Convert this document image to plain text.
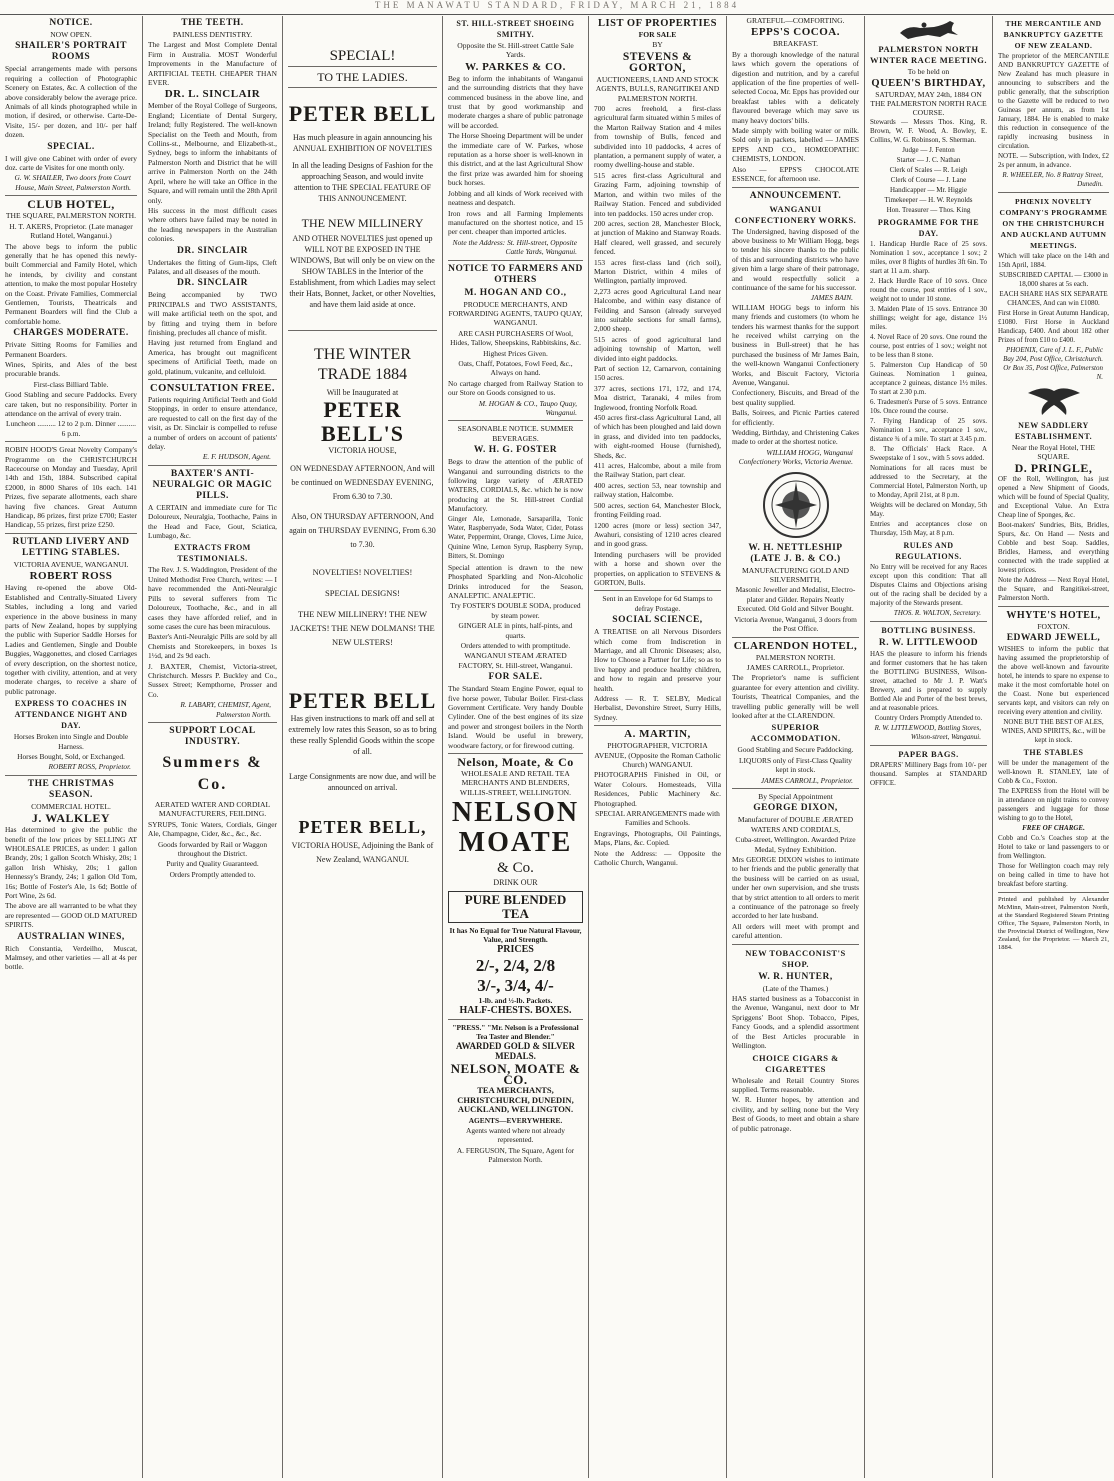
THE MANAWATU STANDARD, FRIDAY, MARCH 21, 1884
NOTICE.
NOW OPEN.
SHAILER'S PORTRAIT ROOMS
Special arrangements made with persons requiring a collection of Photographic Scenery on Estates, &c. A collection of the above considerably below the average price. Animals of all kinds photographed while in motion, if desired, or otherwise. Carte-De-Visite, 15/- per dozen, and 10/- per half dozen.
SPECIAL.
I will give one Cabinet with order of every doz. carte de Visites for one month only.
G. W. SHAILER, Two doors from Court House, Main Street, Palmerston North.
CLUB HOTEL,
THE SQUARE, PALMERSTON NORTH.
H. T. AKERS, Proprietor. (Late manager Rutland Hotel, Wanganui.)
The above begs to inform the public generally that he has opened this newly-built Commercial and Family Hotel, which he intends, by civility and constant attention, to make the most popular Hostelry on the Coast. Private Families, Commercial Gentlemen, Tourists, Theatricals and Permanent Boarders will find the Club a comfortable home.
CHARGES MODERATE.
Private Sitting Rooms for Families and Permanent Boarders.
Wines, Spirits, and Ales of the best procurable brands.
First-class Billiard Table.
Good Stabling and secure Paddocks. Every care taken, but no responsibility. Porter in attendance on the arrival of every train.
Luncheon .......... 12 to 2 p.m. Dinner .......... 6 p.m.
ROBIN HOOD'S Great Novelty Company's Programme on the CHRISTCHURCH Racecourse on Monday and Tuesday, April 14th and 15th, 1884. Subscribed capital £2000, in 8000 Shares of 10s each. 141 Prizes, five separate allotments, each share having five chances. Great Autumn Handicap, 86 prizes, first prize £700; Easter Handicap, 55 prizes, first prize £250.
RUTLAND LIVERY AND LETTING STABLES.
VICTORIA AVENUE, WANGANUI.
ROBERT ROSS
Having re-opened the above Old-Established and Centrally-Situated Livery Stables, including a long and varied experience in the above business in many parts of New Zealand, hopes by supplying the public with Superior Saddle Horses for Ladies and Gentlemen, Single and Double Buggies, Waggonettes, and closed Carriages of every description, on the shortest notice, together with civility, attention, and at very moderate charges, to receive a share of public patronage.
EXPRESS TO COACHES IN ATTENDANCE NIGHT AND DAY.
Horses Broken into Single and Double Harness.
Horses Bought, Sold, or Exchanged.
ROBERT ROSS, Proprietor.
THE CHRISTMAS SEASON.
COMMERCIAL HOTEL.
J. WALKLEY
Has determined to give the public the benefit of the low prices by SELLING AT WHOLESALE PRICES, as under: 1 gallon Brandy, 20s; 1 gallon Scotch Whisky, 20s; 1 gallon Irish Whisky, 20s; 1 gallon Hennessy's Brandy, 24s; 1 gallon Old Tom, 16s; Bottle of Foster's Ale, 1s 6d; Bottle of Port Wine, 2s 6d.
The above are all warranted to be what they are represented — GOOD OLD MATURED SPIRITS.
AUSTRALIAN WINES,
Rich Constantia, Verdeilho, Muscat, Malmsey, and other varieties — all at 4s per bottle.
THE TEETH.
PAINLESS DENTISTRY.
The Largest and Most Complete Dental Firm in Australia. MOST Wonderful Improvements in the Manufacture of ARTIFICIAL TEETH. CHEAPER THAN EVER.
DR. L. SINCLAIR
Member of the Royal College of Surgeons, England; Licentiate of Dental Surgery, Ireland; fully Registered. The well-known Specialist on the Teeth and Mouth, from Collins-st., Melbourne, and Elizabeth-st., Sydney, begs to inform the inhabitants of Palmerston North and District that he will arrive in Palmerston North on the 24th April, where he will take an Office in the Square, and will remain until the 28th April only.
His success in the most difficult cases where others have failed may be noted in the leading newspapers in the Australian colonies.
DR. SINCLAIR
Undertakes the fitting of Gum-lips, Cleft Palates, and all diseases of the mouth.
DR. SINCLAIR
Being accompanied by TWO PRINCIPALS and TWO ASSISTANTS, will make artificial teeth on the spot, and by fitting and trying them in before finishing, precludes all chance of misfit.
Having just returned from England and America, has brought out magnificent specimens of Artificial Teeth, made on gold, platinum, vulcanite, and celluloid.
CONSULTATION FREE.
Patients requiring Artificial Teeth and Gold Stoppings, in order to ensure attendance, are requested to call on the first day of the visit, as Dr. Sinclair is compelled to refuse a number of orders on account of patients' delay.
E. F. HUDSON, Agent.
BAXTER'S ANTI-NEURALGIC OR MAGIC PILLS.
A CERTAIN and immediate cure for Tic Doloureux, Neuralgia, Toothache, Pains in the Head and Face, Gout, Sciatica, Lumbago, &c.
EXTRACTS FROM TESTIMONIALS.
The Rev. J. S. Waddington, President of the United Methodist Free Church, writes: — I have recommended the Anti-Neuralgic Pills to several sufferers from Tic Doloureux, Toothache, &c., and in all cases they have afforded relief, and in some cases the cure has been miraculous.
Baxter's Anti-Neuralgic Pills are sold by all Chemists and Storekeepers, in boxes 1s 1½d, and 2s 9d each.
J. BAXTER, Chemist, Victoria-street, Christchurch. Messrs P. Buckley and Co., Sussex Street; Kempthorne, Prosser and Co.
R. LABARY, CHEMIST, Agent, Palmerston North.
SUPPORT LOCAL INDUSTRY.
Summers & Co.
AERATED WATER AND CORDIAL MANUFACTURERS, FEILDING.
SYRUPS, Tonic Waters, Cordials, Ginger Ale, Champagne, Cider, &c., &c., &c.
Goods forwarded by Rail or Waggon throughout the District.
Purity and Quality Guaranteed.
Orders Promptly attended to.
SPECIAL!
TO THE LADIES.
PETER BELL
Has much pleasure in again announcing his ANNUAL EXHIBITION OF NOVELTIES
In all the leading Designs of Fashion for the approaching Season, and would invite attention to THE SPECIAL FEATURE OF THIS ANNOUNCEMENT.
THE NEW MILLINERY
AND OTHER NOVELTIES just opened up WILL NOT BE EXPOSED IN THE WINDOWS, But will only be on view on the SHOW TABLES in the Interior of the Establishment, from which Ladies may select their Hats, Bonnet, Jacket, or other Novelties, and have them laid aside at once.
THE WINTER TRADE 1884
Will be Inaugurated at
PETER BELL'S
VICTORIA HOUSE,
ON WEDNESDAY AFTERNOON, And will be continued on WEDNESDAY EVENING, From 6.30 to 7.30.
Also, ON THURSDAY AFTERNOON, And again on THURSDAY EVENING, From 6.30 to 7.30.
NOVELTIES! NOVELTIES!
SPECIAL DESIGNS!
THE NEW MILLINERY! THE NEW JACKETS! THE NEW DOLMANS! THE NEW ULSTERS!
PETER BELL
Has given instructions to mark off and sell at extremely low rates this Season, so as to bring these really Splendid Goods within the scope of all.
Large Consignments are now due, and will be announced on arrival.
PETER BELL,
VICTORIA HOUSE, Adjoining the Bank of New Zealand, WANGANUI.
ST. HILL-STREET SHOEING SMITHY.
Opposite the St. Hill-street Cattle Sale Yards.
W. PARKES & CO.
Beg to inform the inhabitants of Wanganui and the surrounding districts that they have commenced business in the above line, and trust that by good workmanship and moderate charges a share of public patronage will be accorded.
The Horse Shoeing Department will be under the immediate care of W. Parkes, whose reputation as a horse shoer is well-known in this district, and at the last Agricultural Show the first prize was awarded him for shoeing buck horses.
Jobbing and all kinds of Work received with neatness and despatch.
Iron rows and all Farming Implements manufactured on the shortest notice, and 15 per cent. cheaper than imported articles.
Note the Address: St. Hill-street, Opposite Cattle Yards, Wanganui.
NOTICE TO FARMERS AND OTHERS
M. HOGAN AND CO.,
PRODUCE MERCHANTS, AND FORWARDING AGENTS, TAUPO QUAY, WANGANUI.
ARE CASH PURCHASERS Of Wool, Hides, Tallow, Sheepskins, Rabbitskins, &c.
Highest Prices Given.
Oats, Chaff, Potatoes, Fowl Feed, &c., Always on hand.
No cartage charged from Railway Station to our Store on Goods consigned to us.
M. HOGAN & CO., Taupo Quay, Wanganui.
SEASONABLE NOTICE. SUMMER BEVERAGES.
W. H. G. FOSTER
Begs to draw the attention of the public of Wanganui and surrounding districts to the following large variety of ÆRATED WATERS, CORDIALS, &c. which he is now producing at the St. Hill-street Cordial Manufactory.
Ginger Ale, Lemonade, Sarsaparilla, Tonic Water, Raspberryade, Soda Water, Cider, Potass Water, Peppermint, Orange, Cloves, Lime Juice, Quinine Wine, Lemon Syrup, Raspberry Syrup, Bitters, St. Domingo
Special attention is drawn to the new Phosphated Sparkling and Non-Alcoholic Drinks introduced for the Season, ANALEPTIC. ANALEPTIC.
Try FOSTER'S DOUBLE SODA, produced by steam power.
GINGER ALE in pints, half-pints, and quarts.
Orders attended to with promptitude.
WANGANUI STEAM ÆRATED FACTORY, St. Hill-street, Wanganui.
FOR SALE.
The Standard Steam Engine Power, equal to five horse power, Tubular Boiler. First-class Government Certificate. Very handy Double Cylinder. One of the best engines of its size and power and strongest boilers in the North Island. Would be useful in brewery, woodware factory, or for firewood cutting.
Nelson, Moate, & Co
WHOLESALE AND RETAIL TEA MERCHANTS AND BLENDERS, WILLIS-STREET, WELLINGTON.
NELSON
MOATE
& Co.
DRINK OUR
PURE BLENDED TEA
It has No Equal for True Natural Flavour, Value, and Strength.
PRICES
2/-, 2/4, 2/8
3/-, 3/4, 4/-
1-lb. and ½-lb. Packets.
HALF-CHESTS. BOXES.
"PRESS." "Mr. Nelson is a Professional Tea Taster and Blender."
AWARDED GOLD & SILVER MEDALS.
NELSON, MOATE & CO.
TEA MERCHANTS, CHRISTCHURCH, DUNEDIN, AUCKLAND, WELLINGTON.
AGENTS—EVERYWHERE.
Agents wanted where not already represented.
A. FERGUSON, The Square, Agent for Palmerston North.
LIST OF PROPERTIES
FOR SALE
BY
STEVENS & GORTON,
AUCTIONEERS, LAND AND STOCK AGENTS, BULLS, RANGITIKEI AND PALMERSTON NORTH.
700 acres freehold, a first-class agricultural farm situated within 5 miles of the Marton Railway Station and 4 miles from township of Bulls, fenced and subdivided into 10 paddocks, 4 acres of plantation, a permanent supply of water, a roomy dwelling-house and stable.
515 acres first-class Agricultural and Grazing Farm, adjoining township of Marton, and within two miles of the Railway Station. Fenced and subdivided into ten paddocks. 150 acres under crop.
200 acres, section 28, Manchester Block, at junction of Makino and Stanway Roads. Half cleared, well grassed, and securely fenced.
153 acres first-class land (rich soil), Marton District, within 4 miles of Wellington, partially improved.
2,273 acres good Agricultural Land near Halcombe, and within easy distance of Feilding and Sanson (already surveyed into suitable sections for small farms), 2,000 sheep.
515 acres of good agricultural land adjoining township of Marton, well divided into eight paddocks.
Part of section 12, Carnarvon, containing 150 acres.
377 acres, sections 171, 172, and 174, Moa district, Taranaki, 4 miles from Inglewood, fronting Norfolk Road.
450 acres first-class Agricultural Land, all of which has been ploughed and laid down in grass, and divided into ten paddocks, with eight-roomed House (furnished), Sheds, &c.
411 acres, Halcombe, about a mile from the Railway Station, part clear.
400 acres, section 53, near township and railway station, Halcombe.
500 acres, section 64, Manchester Block, fronting Feilding road.
1200 acres (more or less) section 347, Awahuri, consisting of 1210 acres cleared and in good grass.
Intending purchasers will be provided with a horse and shown over the properties, on application to STEVENS & GORTON, Bulls.
Sent in an Envelope for 6d Stamps to defray Postage.
SOCIAL SCIENCE,
A TREATISE on all Nervous Disorders which come from Indiscretion in Marriage, and all Chronic Diseases; also, How to Choose a Partner for Life; so as to live happy and produce healthy children, and how to regain and preserve your health.
Address — R. T. SELBY, Medical Herbalist, Devonshire Street, Surry Hills, Sydney.
A. MARTIN,
PHOTOGRAPHER, VICTORIA AVENUE, (Opposite the Roman Catholic Church) WANGANUI.
PHOTOGRAPHS Finished in Oil, or Water Colours. Homesteads, Villa Residences, Public Machinery &c. Photographed.
SPECIAL ARRANGEMENTS made with Families and Schools.
Engravings, Photographs, Oil Paintings, Maps, Plans, &c. Copied.
Note the Address: — Opposite the Catholic Church, Wanganui.
GRATEFUL—COMFORTING.
EPPS'S COCOA.
BREAKFAST.
By a thorough knowledge of the natural laws which govern the operations of digestion and nutrition, and by a careful application of the fine properties of well-selected Cocoa, Mr. Epps has provided our breakfast tables with a delicately flavoured beverage which may save us many heavy doctors' bills.
Made simply with boiling water or milk. Sold only in packets, labelled — JAMES EPPS AND CO., HOMŒOPATHIC CHEMISTS, LONDON.
Also — EPPS'S CHOCOLATE ESSENCE, for afternoon use.
ANNOUNCEMENT.
WANGANUI CONFECTIONERY WORKS.
The Undersigned, having disposed of the above business to Mr William Hogg, begs to tender his sincere thanks to the public of this and surrounding districts who have given him a large share of their patronage, and would respectfully solicit a continuance of the same for his successor.
JAMES BAIN.
WILLIAM HOGG begs to inform his many friends and customers (to whom he tenders his warmest thanks for the support he received whilst carrying on the business in Bull-street) that he has purchased the business of Mr James Bain, the well-known Wanganui Confectionery Works, and Biscuit Factory, Victoria Avenue, Wanganui.
Confectionery, Biscuits, and Bread of the best quality supplied.
Balls, Soirees, and Picnic Parties catered for efficiently.
Wedding, Birthday, and Christening Cakes made to order at the shortest notice.
WILLIAM HOGG, Wanganui Confectionery Works, Victoria Avenue.
W. H. NETTLESHIP (LATE J. B. & CO.)
MANUFACTURING GOLD AND SILVERSMITH,
Masonic Jeweller and Medalist, Electro-plater and Gilder. Repairs Neatly Executed. Old Gold and Silver Bought.
Victoria Avenue, Wanganui, 3 doors from the Post Office.
CLARENDON HOTEL,
PALMERSTON NORTH.
JAMES CARROLL, Proprietor.
The Proprietor's name is sufficient guarantee for every attention and civility. Tourists, Theatrical Companies, and the travelling public generally will be well looked after at the CLARENDON.
SUPERIOR ACCOMMODATION.
Good Stabling and Secure Paddocking.
LIQUORS only of First-Class Quality kept in stock.
JAMES CARROLL, Proprietor.
By Special Appointment
GEORGE DIXON,
Manufacturer of DOUBLE ÆRATED WATERS AND CORDIALS,
Cuba-street, Wellington. Awarded Prize Medal, Sydney Exhibition.
Mrs GEORGE DIXON wishes to intimate to her friends and the public generally that the business will be carried on as usual, under her own supervision, and she trusts that by strict attention to all orders to merit a continuance of the patronage so freely accorded to her late husband.
All orders will meet with prompt and careful attention.
NEW TOBACCONIST'S SHOP.
W. R. HUNTER,
(Late of the Thames.)
HAS started business as a Tobacconist in the Avenue, Wanganui, next door to Mr Spriggens' Boot Shop. Tobacco, Pipes, Fancy Goods, and a splendid assortment of the Best Articles procurable in Wellington.
CHOICE CIGARS & CIGARETTES
Wholesale and Retail Country Stores supplied. Terms reasonable.
W. R. Hunter hopes, by attention and civility, and by selling none but the Very Best of Goods, to meet and obtain a share of public patronage.
PALMERSTON NORTH WINTER RACE MEETING.
To be held on
QUEEN'S BIRTHDAY,
SATURDAY, MAY 24th, 1884 ON THE PALMERSTON NORTH RACE COURSE.
Stewards — Messrs Thos. King, R. Brown, W. F. Wood, A. Bowley, E. Collins, W. G. Robinson, S. Sherman.
Judge — J. Fenton
Starter — J. C. Nathan
Clerk of Scales — R. Leigh
Clerk of Course — J. Lane
Handicapper — Mr. Higgie
Timekeeper — H. W. Reynolds
Hon. Treasurer — Thos. King
PROGRAMME FOR THE DAY.
1. Handicap Hurdle Race of 25 sovs. Nomination 1 sov., acceptance 1 sov.; 2 miles, over 8 flights of hurdles 3ft 6in. To start at 11 a.m. sharp.
2. Hack Hurdle Race of 10 sovs. Once round the course, post entries of 1 sov., weight not to under 10 stone.
3. Maiden Plate of 15 sovs. Entrance 30 shillings; weight for age, distance 1½ miles.
4. Novel Race of 20 sovs. One round the course, post entries of 1 sov.; weight not to be less than 8 stone.
5. Palmerston Cup Handicap of 50 Guineas. Nomination 1 guinea, acceptance 2 guineas, distance 1½ miles. To start at 2.30 p.m.
6. Tradesmen's Purse of 5 sovs. Entrance 10s. Once round the course.
7. Flying Handicap of 25 sovs. Nomination 1 sov., acceptance 1 sov., distance ¾ of a mile. To start at 3.45 p.m.
8. The Officials' Hack Race. A Sweepstake of 1 sov., with 5 sovs added.
Nominations for all races must be addressed to the Secretary, at the Commercial Hotel, Palmerston North, up to Monday, April 21st, at 8 p.m.
Weights will be declared on Monday, 5th May.
Entries and acceptances close on Thursday, 15th May, at 8 p.m.
RULES AND REGULATIONS.
No Entry will be received for any Races except upon this condition: That all Disputes Claims and Objections arising out of the racing shall be decided by a majority of the Stewards present.
THOS. R. WALTON, Secretary.
BOTTLING BUSINESS.
R. W. LITTLEWOOD
HAS the pleasure to inform his friends and former customers that he has taken the BOTTLING BUSINESS, Wilson-street, attached to Mr J. P. Watt's Brewery, and is prepared to supply Bottled Ale and Porter of the best brews, and at reasonable prices.
Country Orders Promptly Attended to.
R. W. LITTLEWOOD, Bottling Stores, Wilson-street, Wanganui.
PAPER BAGS.
DRAPERS' Millinery Bags from 10/- per thousand. Samples at STANDARD OFFICE.
THE MERCANTILE AND BANKRUPTCY GAZETTE OF NEW ZEALAND.
The proprietor of the MERCANTILE AND BANKRUPTCY GAZETTE of New Zealand has much pleasure in announcing to subscribers and the public generally, that the subscription to the Gazette will be reduced to two Guineas per annum, as from 1st January, 1884. He is enabled to make this reduction in consequence of the rapidly increasing business in circulation.
NOTE. — Subscription, with Index, £2 2s per annum, in advance.
R. WHEELER, No. 8 Rattray Street, Dunedin.
PHŒNIX NOVELTY COMPANY'S PROGRAMME ON THE CHRISTCHURCH AND AUCKLAND AUTUMN MEETINGS.
Which will take place on the 14th and 15th April, 1884.
SUBSCRIBED CAPITAL — £3000 in 18,000 shares at 5s each.
EACH SHARE HAS SIX SEPARATE CHANCES, And can win £1080.
First Horse in Great Autumn Handicap, £1080. First Horse in Auckland Handicap, £400. And about 182 other Prizes of from £10 to £400.
PHOENIX, Care of J. L. F., Public Bay 204, Post Office, Christchurch. Or Box 35, Post Office, Palmerston N.
NEW SADDLERY ESTABLISHMENT.
Near the Royal Hotel, THE SQUARE.
D. PRINGLE,
OF the Roll, Wellington, has just opened a New Shipment of Goods, which will be found of Special Quality, and Exceptional Value. An Extra Cheap line of Sponges, &c.
Boot-makers' Sundries, Bits, Bridles, Spurs, &c. On Hand — Nests and Cobble and best Soap. Saddles, Bridles, Harness, and everything connected with the trade supplied at lowest prices.
Note the Address — Next Royal Hotel, the Square, and Rangitikei-street, Palmerston North.
WHYTE'S HOTEL,
FOXTON.
EDWARD JEWELL,
WISHES to inform the public that having assumed the proprietorship of the above well-known and favourite hotel, he intends to spare no expense to make it the most comfortable hotel on the Coast. None but experienced servants kept, and visitors can rely on receiving every attention and civility.
NONE BUT THE BEST OF ALES, WINES, AND SPIRITS, &c., will be kept in stock.
THE STABLES
will be under the management of the well-known R. STANLEY, late of Cobb & Co., Foxton.
The EXPRESS from the Hotel will be in attendance on night trains to convey passengers and luggage for those wishing to go to the Hotel,
FREE OF CHARGE.
Cobb and Co.'s Coaches stop at the Hotel to take or land passengers to or from Wellington.
Those for Wellington coach may rely on being called in time to have hot breakfast before starting.
Printed and published by Alexander McMinn, Main-street, Palmerston North, at the Standard Registered Steam Printing Office, The Square, Palmerston North, in the Provincial District of Wellington, New Zealand, for the Proprietor. — March 21, 1884.
